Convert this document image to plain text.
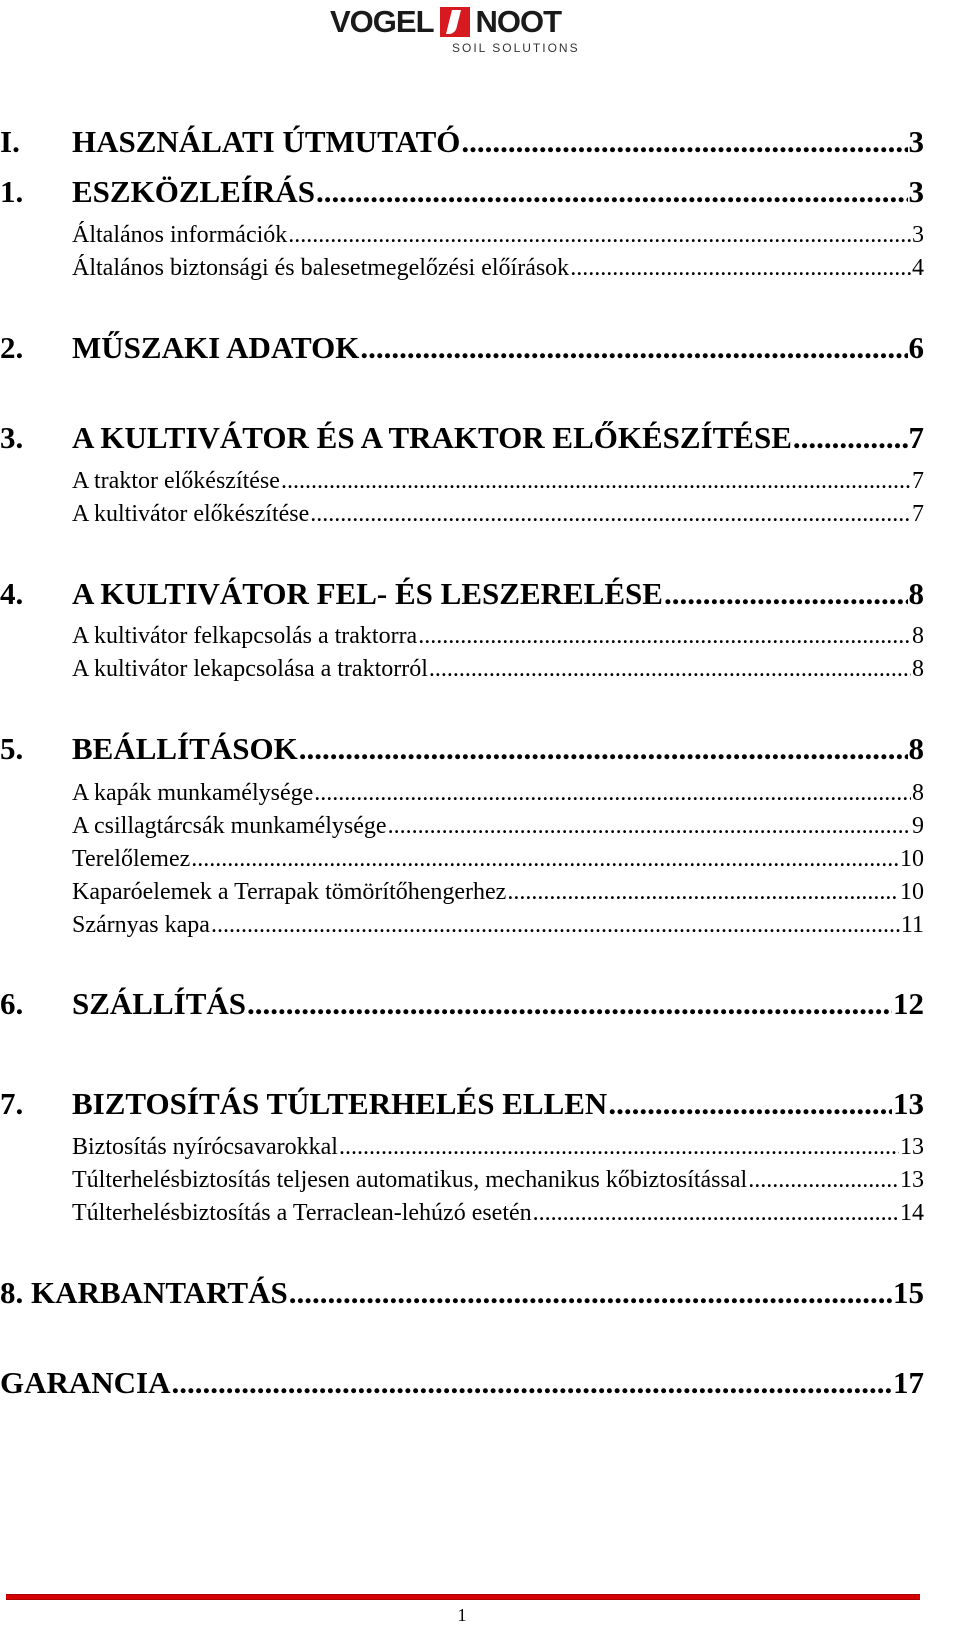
VOGEL NOOT
SOIL SOLUTIONS
I.	HASZNÁLATI ÚTMUTATÓ .....	3
1.	ESZKÖZLEÍRÁS .....	3
Általános információk .....	3
Általános biztonsági és balesetmegelőzési előírások .....	4
2.	MŰSZAKI ADATOK .....	6
3.	A KULTIVÁTOR ÉS A TRAKTOR ELŐKÉSZÍTÉSE .....	7
A traktor előkészítése .....	7
A kultivátor előkészítése .....	7
4.	A KULTIVÁTOR FEL- ÉS LESZERELÉSE .....	8
A kultivátor felkapcsolás a traktorra .....	8
A kultivátor lekapcsolása a traktorról .....	8
5.	BEÁLLÍTÁSOK .....	8
A kapák munkamélysége .....	8
A csillagtárcsák munkamélysége .....	9
Terelőlemez .....	10
Kaparóelemek a Terrapak tömörítőhengerhez .....	10
Szárnyas kapa .....	11
6.	SZÁLLÍTÁS .....	12
7.	BIZTOSÍTÁS TÚLTERHELÉS ELLEN .....	13
Biztosítás nyírócsavarokkal .....	13
Túlterhelésbiztosítás teljesen automatikus, mechanikus kőbiztosítással .....	13
Túlterhelésbiztosítás a Terraclean-lehúzó esetén .....	14
8. KARBANTARTÁS .....	15
GARANCIA .....	17
1
